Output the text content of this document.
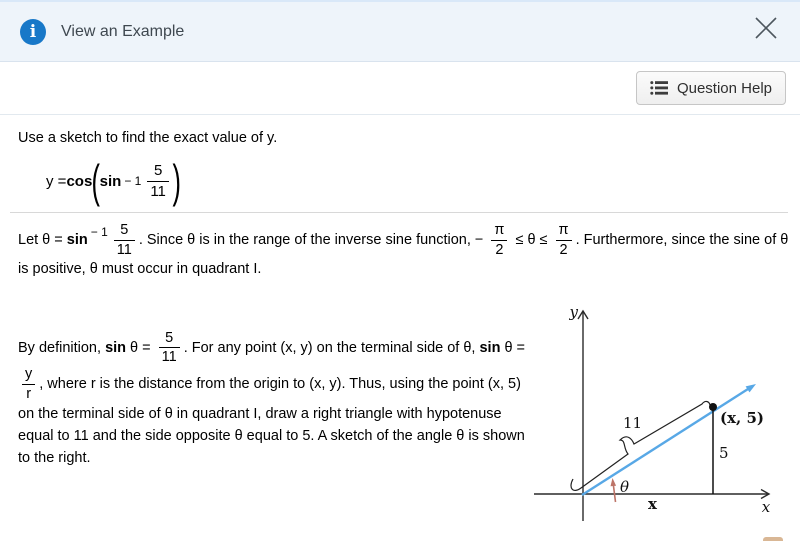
i	View an Example
Question Help
Use a sketch to find the exact value of y.
y = cos ( $\sin - 1 \frac{5}{11}$ )
Let $\theta = \sin ^{- 1} \frac{5}{11}$ . Since θ is in the range of the inverse sine function, − $\frac{\pi}{2} \le \theta \le \frac{\pi}{2}$ . Furthermore, since the sine of θ is positive, θ must occur in quadrant I.
By definition, $\sin \theta = \frac{5}{11}$ . For any point (x, y) on the terminal side of θ, sin θ =
$\frac{y}{r}$ , where r is the distance from the origin to (x, y). Thus, using the point (x, 5) on the terminal side of θ in quadrant I, draw a right triangle with hypotenuse equal to 11 and the side opposite θ equal to 5. A sketch of the angle θ is shown to the right.
y
x
11	(x, 5)
5
x
θ
